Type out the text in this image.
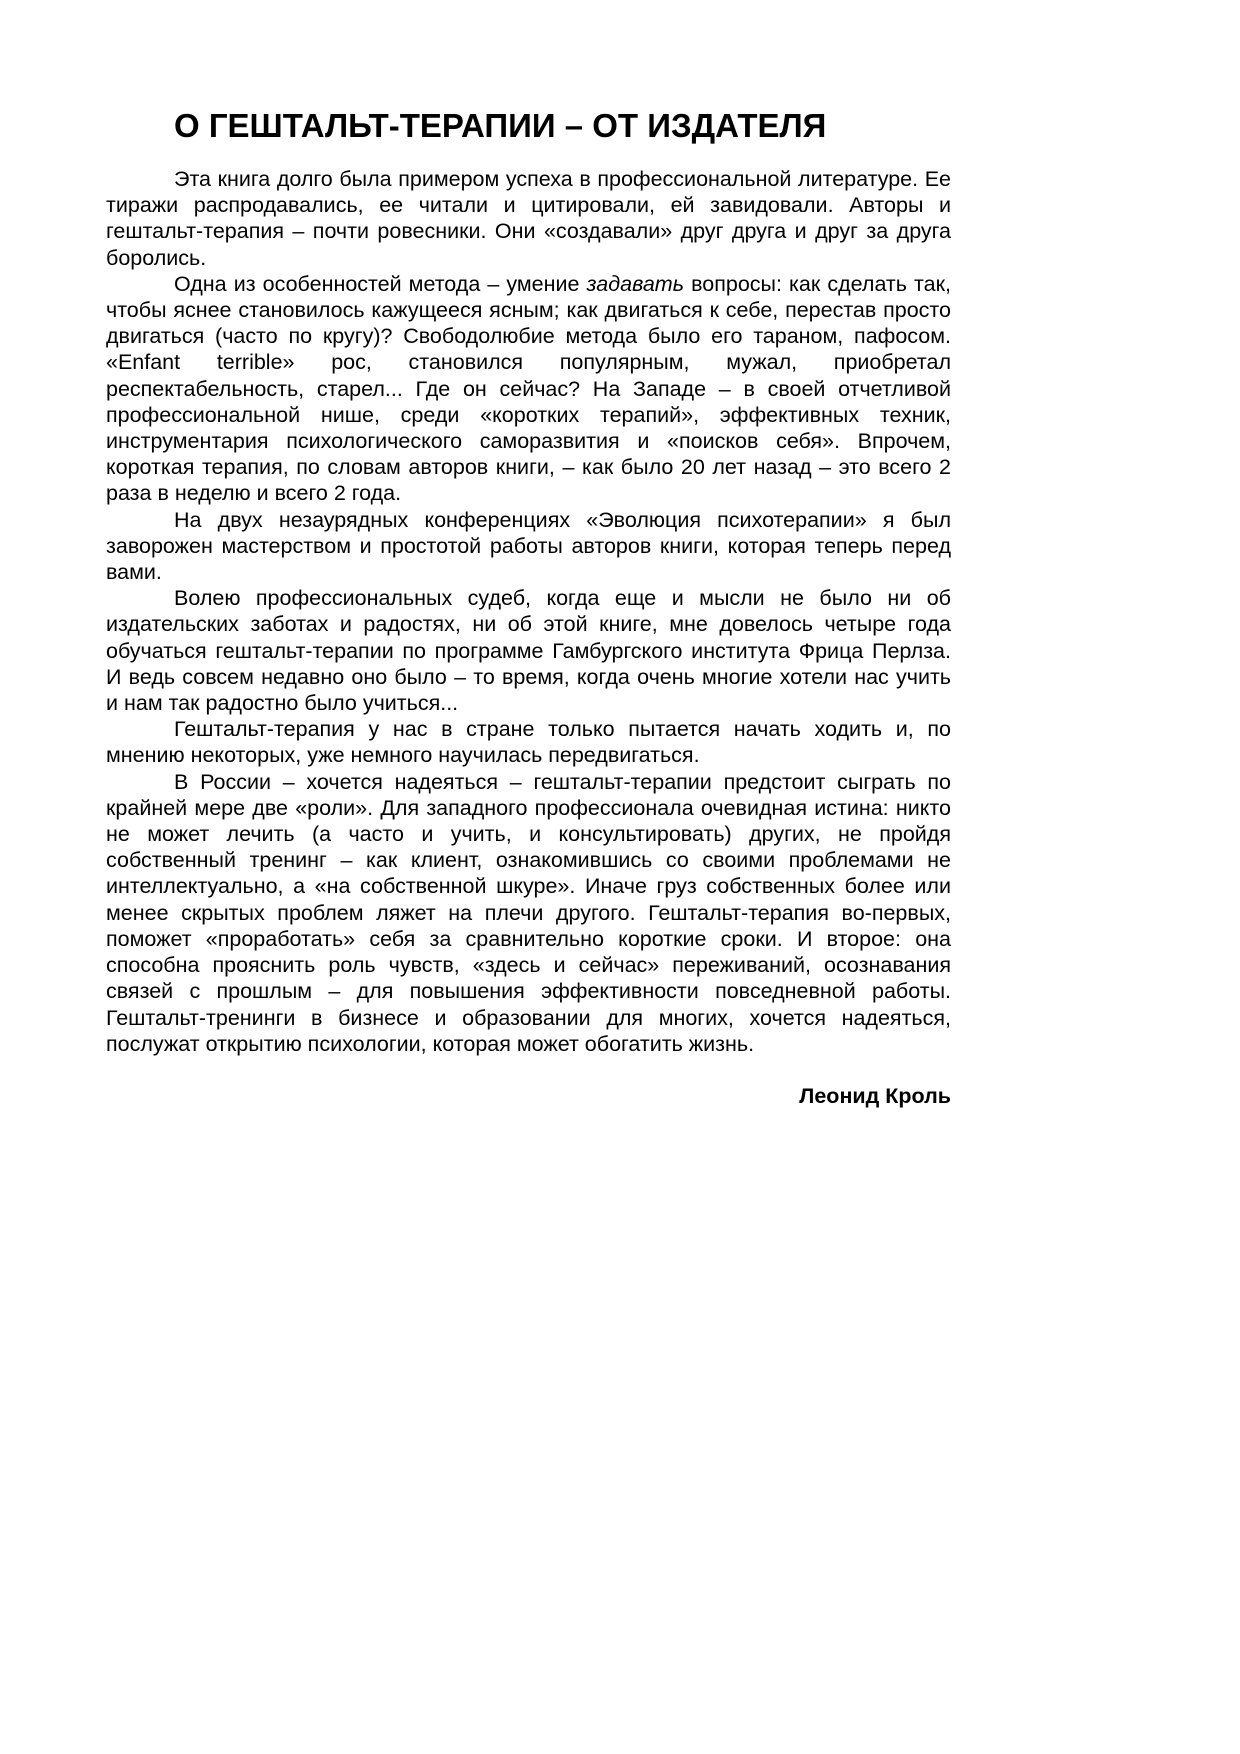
О ГЕШТАЛЬТ-ТЕРАПИИ – ОТ ИЗДАТЕЛЯ

Эта книга долго была примером успеха в профессиональной литературе. Ее тиражи распродавались, ее читали и цитировали, ей завидовали. Авторы и гештальт-терапия – почти ровесники. Они «создавали» друг друга и друг за друга боролись.

Одна из особенностей метода – умение задавать вопросы: как сделать так, чтобы яснее становилось кажущееся ясным; как двигаться к себе, перестав просто двигаться (часто по кругу)? Свободолюбие метода было его тараном, пафосом. «Enfant terrible» рос, становился популярным, мужал, приобретал респектабельность, старел... Где он сейчас? На Западе – в своей отчетливой профессиональной нише, среди «коротких терапий», эффективных техник, инструментария психологического саморазвития и «поисков себя». Впрочем, короткая терапия, по словам авторов книги, – как было 20 лет назад – это всего 2 раза в неделю и всего 2 года.

На двух незаурядных конференциях «Эволюция психотерапии» я был заворожен мастерством и простотой работы авторов книги, которая теперь перед вами.

Волею профессиональных судеб, когда еще и мысли не было ни об издательских заботах и радостях, ни об этой книге, мне довелось четыре года обучаться гештальт-терапии по программе Гамбургского института Фрица Перлза. И ведь совсем недавно оно было – то время, когда очень многие хотели нас учить и нам так радостно было учиться...

Гештальт-терапия у нас в стране только пытается начать ходить и, по мнению некоторых, уже немного научилась передвигаться.

В России – хочется надеяться – гештальт-терапии предстоит сыграть по крайней мере две «роли». Для западного профессионала очевидная истина: никто не может лечить (а часто и учить, и консультировать) других, не пройдя собственный тренинг – как клиент, ознакомившись со своими проблемами не интеллектуально, а «на собственной шкуре». Иначе груз собственных более или менее скрытых проблем ляжет на плечи другого. Гештальт-терапия во-первых, поможет «проработать» себя за сравнительно короткие сроки. И второе: она способна прояснить роль чувств, «здесь и сейчас» переживаний, осознавания связей с прошлым – для повышения эффективности повседневной работы. Гештальт-тренинги в бизнесе и образовании для многих, хочется надеяться, послужат открытию психологии, которая может обогатить жизнь.

Леонид Кроль
